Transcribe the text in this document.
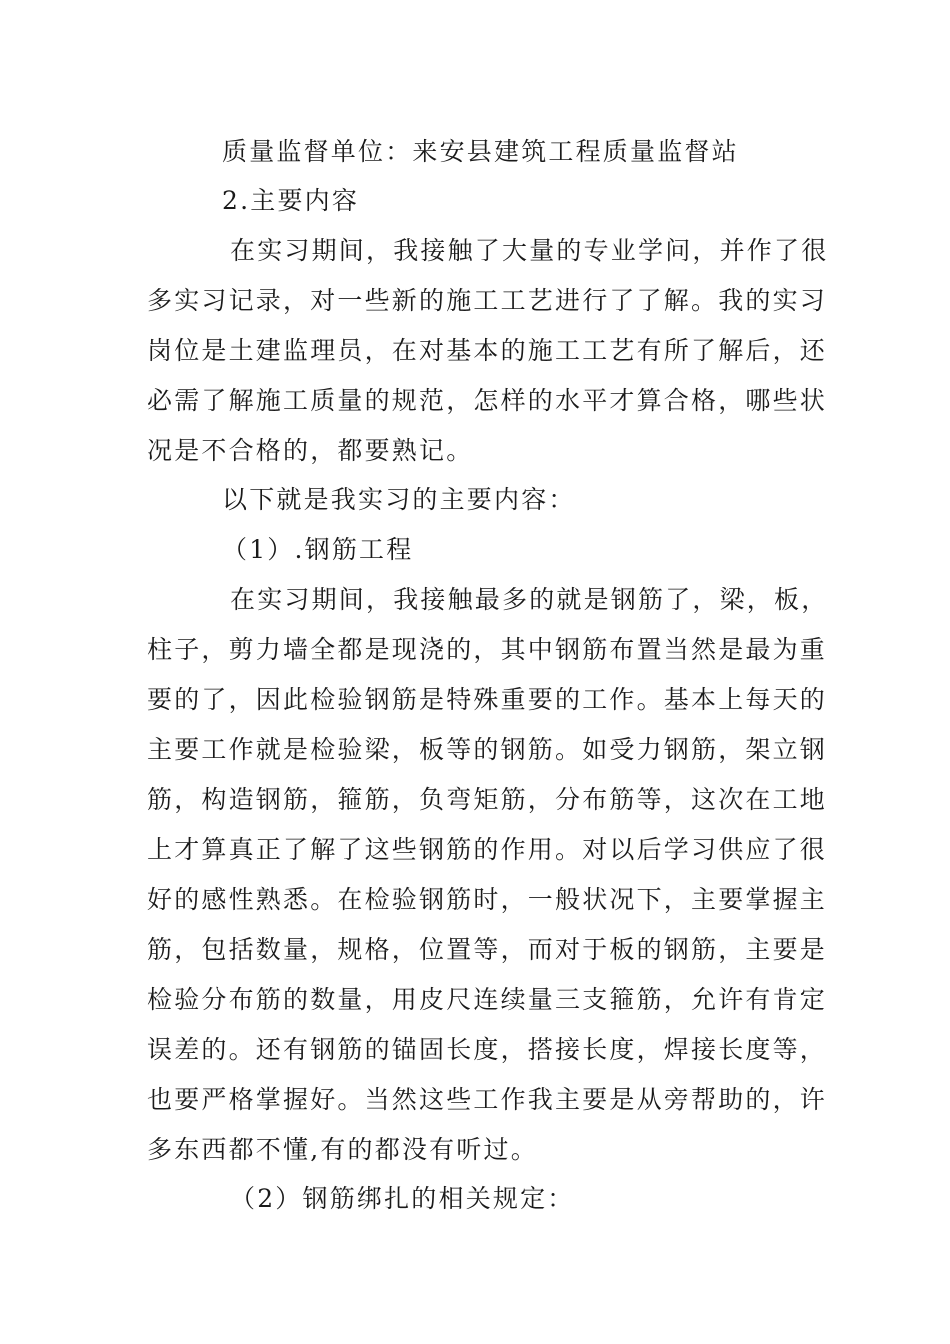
质量监督单位：来安县建筑工程质量监督站
2.主要内容
在实习期间，我接触了大量的专业学问，并作了很
多实习记录，对一些新的施工工艺进行了了解。我的实习
岗位是土建监理员，在对基本的施工工艺有所了解后，还
必需了解施工质量的规范，怎样的水平才算合格，哪些状
况是不合格的，都要熟记。
以下就是我实习的主要内容：
（1）.钢筋工程
在实习期间，我接触最多的就是钢筋了，梁，板，
柱子，剪力墙全都是现浇的，其中钢筋布置当然是最为重
要的了，因此检验钢筋是特殊重要的工作。基本上每天的
主要工作就是检验梁，板等的钢筋。如受力钢筋，架立钢
筋，构造钢筋，箍筋，负弯矩筋，分布筋等，这次在工地
上才算真正了解了这些钢筋的作用。对以后学习供应了很
好的感性熟悉。在检验钢筋时，一般状况下，主要掌握主
筋，包括数量，规格，位置等，而对于板的钢筋，主要是
检验分布筋的数量，用皮尺连续量三支箍筋，允许有肯定
误差的。还有钢筋的锚固长度，搭接长度，焊接长度等，
也要严格掌握好。当然这些工作我主要是从旁帮助的，许
多东西都不懂,有的都没有听过。
（2）钢筋绑扎的相关规定：
